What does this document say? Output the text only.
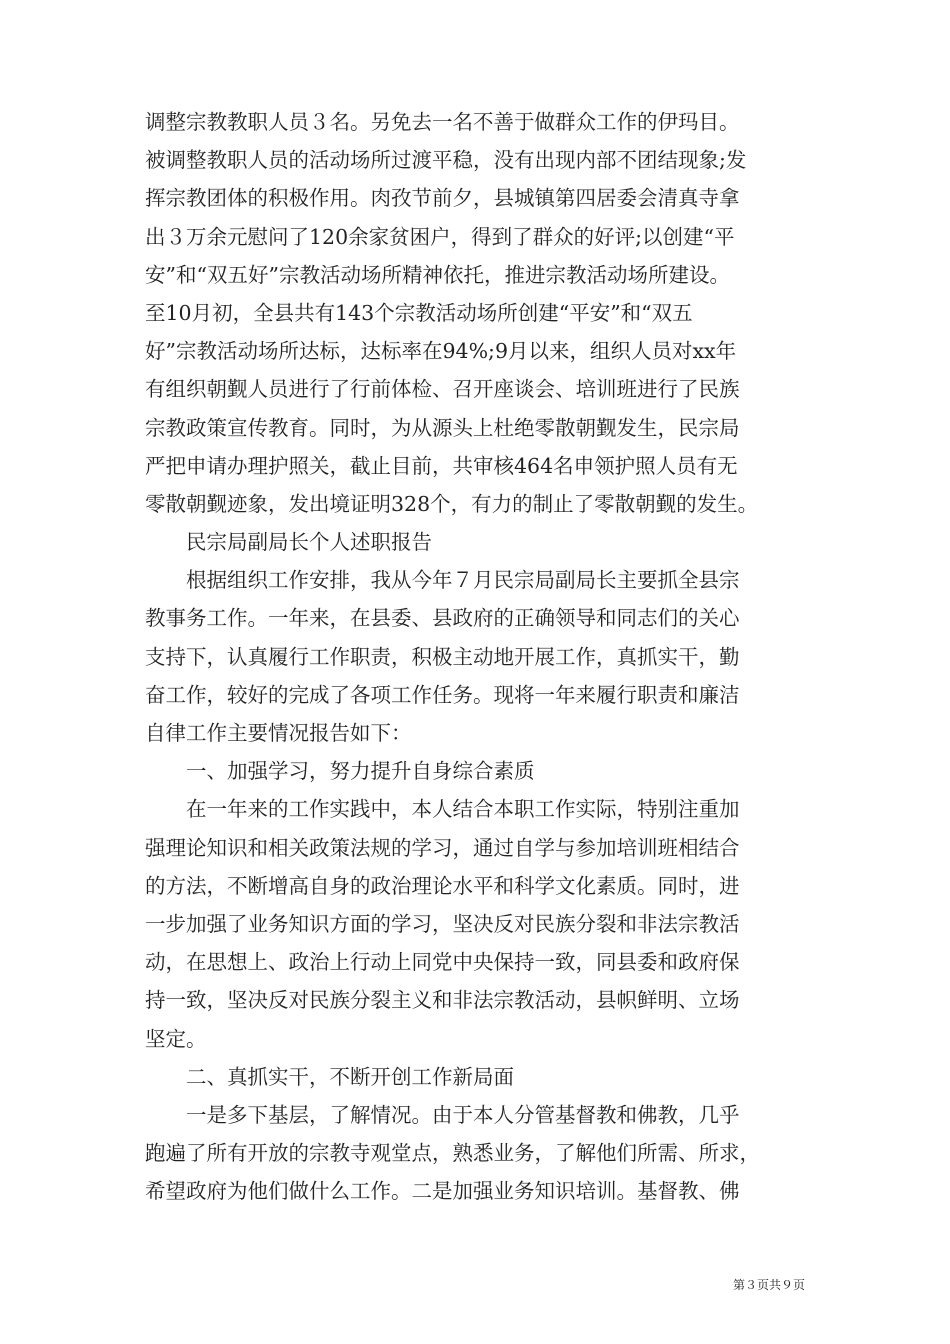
调整宗教教职人员３名。另免去一名不善于做群众工作的伊玛目。
被调整教职人员的活动场所过渡平稳，没有出现内部不团结现象;发
挥宗教团体的积极作用。肉孜节前夕，县城镇第四居委会清真寺拿
出３万余元慰问了120余家贫困户，得到了群众的好评;以创建“平
安”和“双五好”宗教活动场所精神依托，推进宗教活动场所建设。
至10月初，全县共有143个宗教活动场所创建“平安”和“双五
好”宗教活动场所达标，达标率在94%;9月以来，组织人员对xx年
有组织朝觐人员进行了行前体检、召开座谈会、培训班进行了民族
宗教政策宣传教育。同时，为从源头上杜绝零散朝觐发生，民宗局
严把申请办理护照关，截止目前，共审核464名申领护照人员有无
零散朝觐迹象，发出境证明328个，有力的制止了零散朝觐的发生。
民宗局副局长个人述职报告
根据组织工作安排，我从今年７月民宗局副局长主要抓全县宗
教事务工作。一年来，在县委、县政府的正确领导和同志们的关心
支持下，认真履行工作职责，积极主动地开展工作，真抓实干，勤
奋工作，较好的完成了各项工作任务。现将一年来履行职责和廉洁
自律工作主要情况报告如下：
一、加强学习，努力提升自身综合素质
在一年来的工作实践中，本人结合本职工作实际，特别注重加
强理论知识和相关政策法规的学习，通过自学与参加培训班相结合
的方法，不断增高自身的政治理论水平和科学文化素质。同时，进
一步加强了业务知识方面的学习，坚决反对民族分裂和非法宗教活
动，在思想上、政治上行动上同党中央保持一致，同县委和政府保
持一致，坚决反对民族分裂主义和非法宗教活动，县帜鲜明、立场
坚定。
二、真抓实干，不断开创工作新局面
一是多下基层，了解情况。由于本人分管基督教和佛教，几乎
跑遍了所有开放的宗教寺观堂点，熟悉业务，了解他们所需、所求，
希望政府为他们做什么工作。二是加强业务知识培训。基督教、佛
第３页共９页
